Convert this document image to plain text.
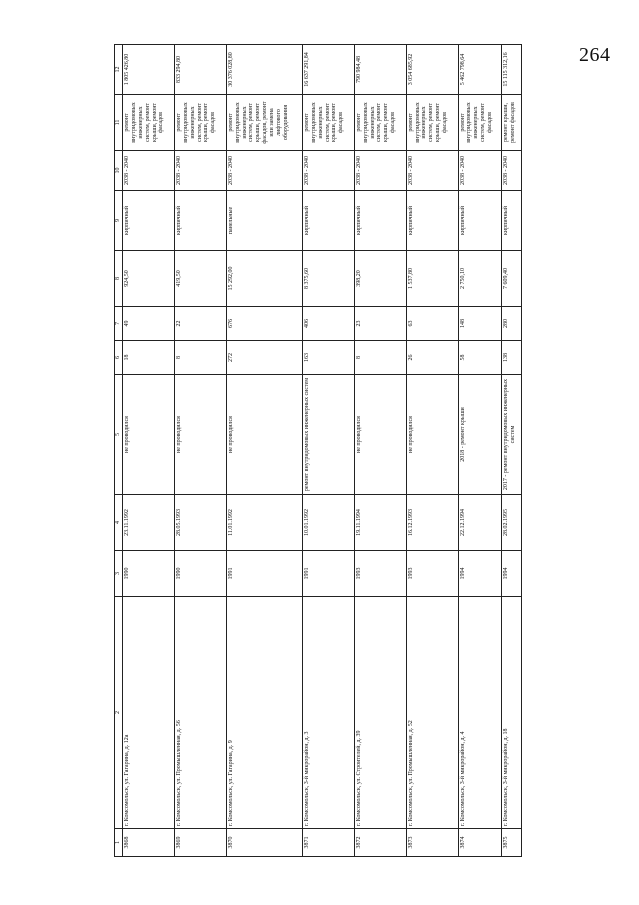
264
1	2	3	4	5	6	7	8	9	10	11	12
3868	г. Комсомольск, ул. Гагарина, д. 12а	1990	23.11.1992	не проводился	18	49	924,50	кирпичный	2038 - 2040	ремонт внутридомовых инженерных систем, ремонт крыши, ремонт фасадов	1 805 426,80
3869	г. Комсомольск, ул. Промышленная, д. 56	1990	28.05.1993	не проводился	8	22	419,50	кирпичный	2038 - 2040	ремонт внутридомовых инженерных систем, ремонт крыши, ремонт фасадов	833 294,80
3870	г. Комсомольск, ул. Гагарина, д. 9	1991	11.01.1992	не проводился	272	676	15 292,00	панельные	2038 - 2040	ремонт внутридомовых инженерных систем, ремонт крыши, ремонт фасадов, ремонт или замена лифтового оборудования	30 376 028,80
3871	г. Комсомольск, 3-й микрорайон, д. 3	1991	10.01.1992	ремонт внутридомовых инженерных систем	163	406	8 375,60	кирпичный	2038 - 2040	ремонт внутридомовых инженерных систем, ремонт крыши, ремонт фасадов	16 637 291,84
3872	г. Комсомольск, ул. Строителей, д. 39	1993	19.11.1994	не проводился	8	23	398,20	кирпичный	2038 - 2040	ремонт внутридомовых инженерных систем, ремонт крыши, ремонт фасадов	790 984,48
3873	г. Комсомольск, ул. Промышленная, д. 52	1993	16.12.1993	не проводился	26	63	1 537,80	кирпичный	2038 - 2040	ремонт внутридомовых инженерных систем, ремонт крыши, ремонт фасадов	3 054 685,92
3874	г. Комсомольск, 3-й микрорайон, д. 4	1994	22.12.1994	2018 - ремонт крыши	58	148	2 750,10	кирпичный	2038 - 2040	ремонт внутридомовых инженерных систем, ремонт фасадов	5 462 798,64
3875	г. Комсомольск, 3-й микрорайон, д. 18	1994	28.02.1995	2017 - ремонт внутридомовых инженерных систем	138	280	7 609,40	кирпичный	2038 - 2040	ремонт крыши, ремонт фасадов	15 115 312,16
